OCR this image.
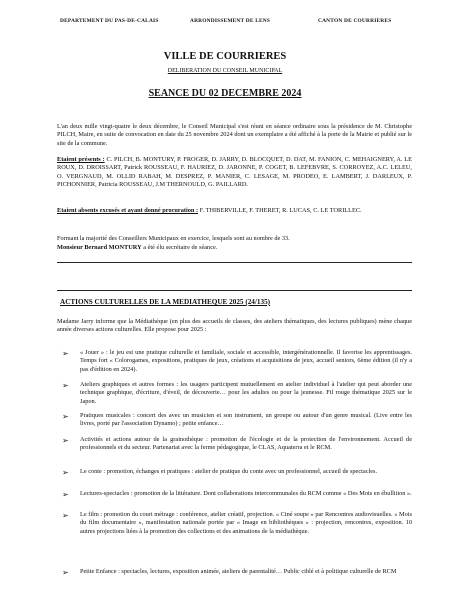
DEPARTEMENT DU PAS-DE-CALAIS	ARRONDISSEMENT DE LENS	CANTON DE COURRIERES
VILLE DE COURRIERES
DELIBERATION DU CONSEIL MUNICIPAL
SEANCE DU 02 DECEMBRE 2024
L'an deux mille vingt-quatre le deux décembre, le Conseil Municipal s'est réuni en séance ordinaire sous la présidence de M. Christophe PILCH, Maire, en suite de convocation en date du 25 novembre 2024 dont un exemplaire a été affiché à la porte de la Mairie et publié sur le site de la commune.
Etaient présents : C. PILCH, B. MONTURY, P. FROGER, D. JARRY, D. BLOCQUET, D. DAT, M. FANION, C. MEHAIGNERY, A. LE ROUX, D. DROISSART, Patrick ROUSSEAU, F. HAURIEZ, D. JARONNE, P. COGET, B. LEFEBVRE, S. CORROYEZ, A.C. LELEU, O. VERGNAUD, M. OLLID RABAH, M. DESPREZ, P. MANIER, C. LESAGE, M. PRODEO, E. LAMBERT, J. DARLEUX, P. PICHONNIER, Patricia ROUSSEAU, J.M THERNOULD, G. PAILLARD.
Etaient absents excusés et ayant donné procuration : F. THIBERVILLE, F. THERET, R. LUCAS, C. LE TORILLEC.
Formant la majorité des Conseillers Municipaux en exercice, lesquels sont au nombre de 33.
Monsieur Bernard MONTURY a été élu secrétaire de séance.
ACTIONS CULTURELLES DE LA MEDIATHEQUE 2025 (24/135)
Madame Jarry informe que la Médiathèque (en plus des accueils de classes, des ateliers thématiques, des lectures publiques) mène chaque année diverses actions culturelles. Elle propose pour 2025 :
➢ « Jouer » : le jeu est une pratique culturelle et familiale, sociale et accessible, intergénérationnelle. Il favorise les apprentissages. Temps fort « Colorogames, expositions, pratiques de jeux, créations et acquisitions de jeux, accueil seniors, 6ème édition (il n'y a pas d'édition en 2024).
➢ Ateliers graphiques et autres formes : les usagers participent mutuellement en atelier individuel à l'atelier qui peut aborder une technique graphique, d'écriture, d'éveil, de découverte… pour les adultes ou pour la jeunesse. Fil rouge thématique 2025 sur le Japon.
➢ Pratiques musicales : concert des avec un musicien et son instrument, un groupe ou autour d'un genre musical. (Live entre les livres, porté par l'association Dynamo) ; petite enfance…
➢ Activités et actions autour de la grainothèque : promotion de l'écologie et de la protection de l'environnement. Accueil de professionnels et du secteur. Partenariat avec la ferme pédagogique, le CLAS, Aquaterra et le RCM.
➢ Le conte : promotion, échanges et pratiques : atelier de pratique du conte avec un professionnel, accueil de spectacles.
➢ Lectures-spectacles : promotion de la littérature. Dont collaborations intercommunales du RCM comme « Des Mots en ébullition ».
➢ Le film : promotion du court métrage : conférence, atelier créatif, projection. « Ciné soupe » par Rencontres audiovisuelles. « Mois du film documentaire », manifestation nationale portée par « Image en bibliothèques » : projection, rencontres, exposition. 10 autres projections liées à la promotion des collections et des animations de la médiathèque.
➢ Petite Enfance : spectacles, lectures, exposition animée, ateliers de parentalité… Public ciblé et à politique culturelle de RCM
